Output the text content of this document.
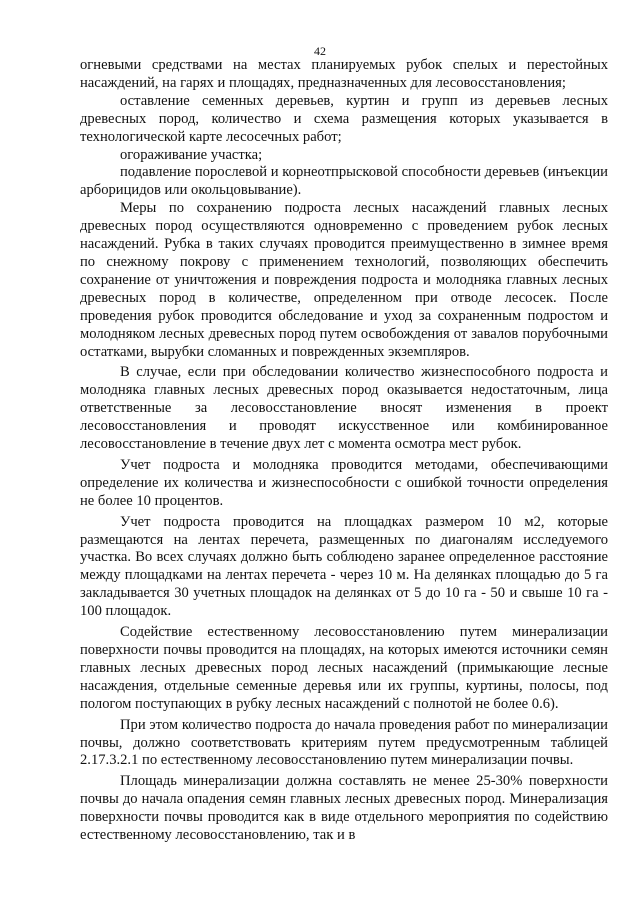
42

огневыми средствами на местах планируемых рубок спелых и перестойных насаждений, на гарях и площадях, предназначенных для лесовосстановления;

оставление семенных деревьев, куртин и групп из деревьев лесных древесных пород, количество и схема размещения которых указывается в технологической карте лесосечных работ;

огораживание участка;

подавление порослевой и корнеотпрысковой способности деревьев (инъекции арборицидов или окольцовывание).

Меры по сохранению подроста лесных насаждений главных лесных древесных пород осуществляются одновременно с проведением рубок лесных насаждений. Рубка в таких случаях проводится преимущественно в зимнее время по снежному покрову с применением технологий, позволяющих обеспечить сохранение от уничтожения и повреждения подроста и молодняка главных лесных древесных пород в количестве, определенном при отводе лесосек. После проведения рубок проводится обследование и уход за сохраненным подростом и молодняком лесных древесных пород путем освобождения от завалов порубочными остатками, вырубки сломанных и поврежденных экземпляров.

В случае, если при обследовании количество жизнеспособного подроста и молодняка главных лесных древесных пород оказывается недостаточным, лица ответственные за лесовосстановление вносят изменения в проект лесовосстановления и проводят искусственное или комбинированное лесовосстановление в течение двух лет с момента осмотра мест рубок.

Учет подроста и молодняка проводится методами, обеспечивающими определение их количества и жизнеспособности с ошибкой точности определения не более 10 процентов.

Учет подроста проводится на площадках размером 10 м2, которые размещаются на лентах перечета, размещенных по диагоналям исследуемого участка. Во всех случаях должно быть соблюдено заранее определенное расстояние между площадками на лентах перечета - через 10 м. На делянках площадью до 5 га закладывается 30 учетных площадок на делянках от 5 до 10 га - 50 и свыше 10 га - 100 площадок.

Содействие естественному лесовосстановлению путем минерализации поверхности почвы проводится на площадях, на которых имеются источники семян главных лесных древесных пород лесных насаждений (примыкающие лесные насаждения, отдельные семенные деревья или их группы, куртины, полосы, под пологом поступающих в рубку лесных насаждений с полнотой не более 0.6).

При этом количество подроста до начала проведения работ по минерализации почвы, должно соответствовать критериям путем предусмотренным таблицей 2.17.3.2.1 по естественному лесовосстановлению путем минерализации почвы.

Площадь минерализации должна составлять не менее 25-30% поверхности почвы до начала опадения семян главных лесных древесных пород. Минерализация поверхности почвы проводится как в виде отдельного мероприятия по содействию естественному лесовосстановлению, так и в
